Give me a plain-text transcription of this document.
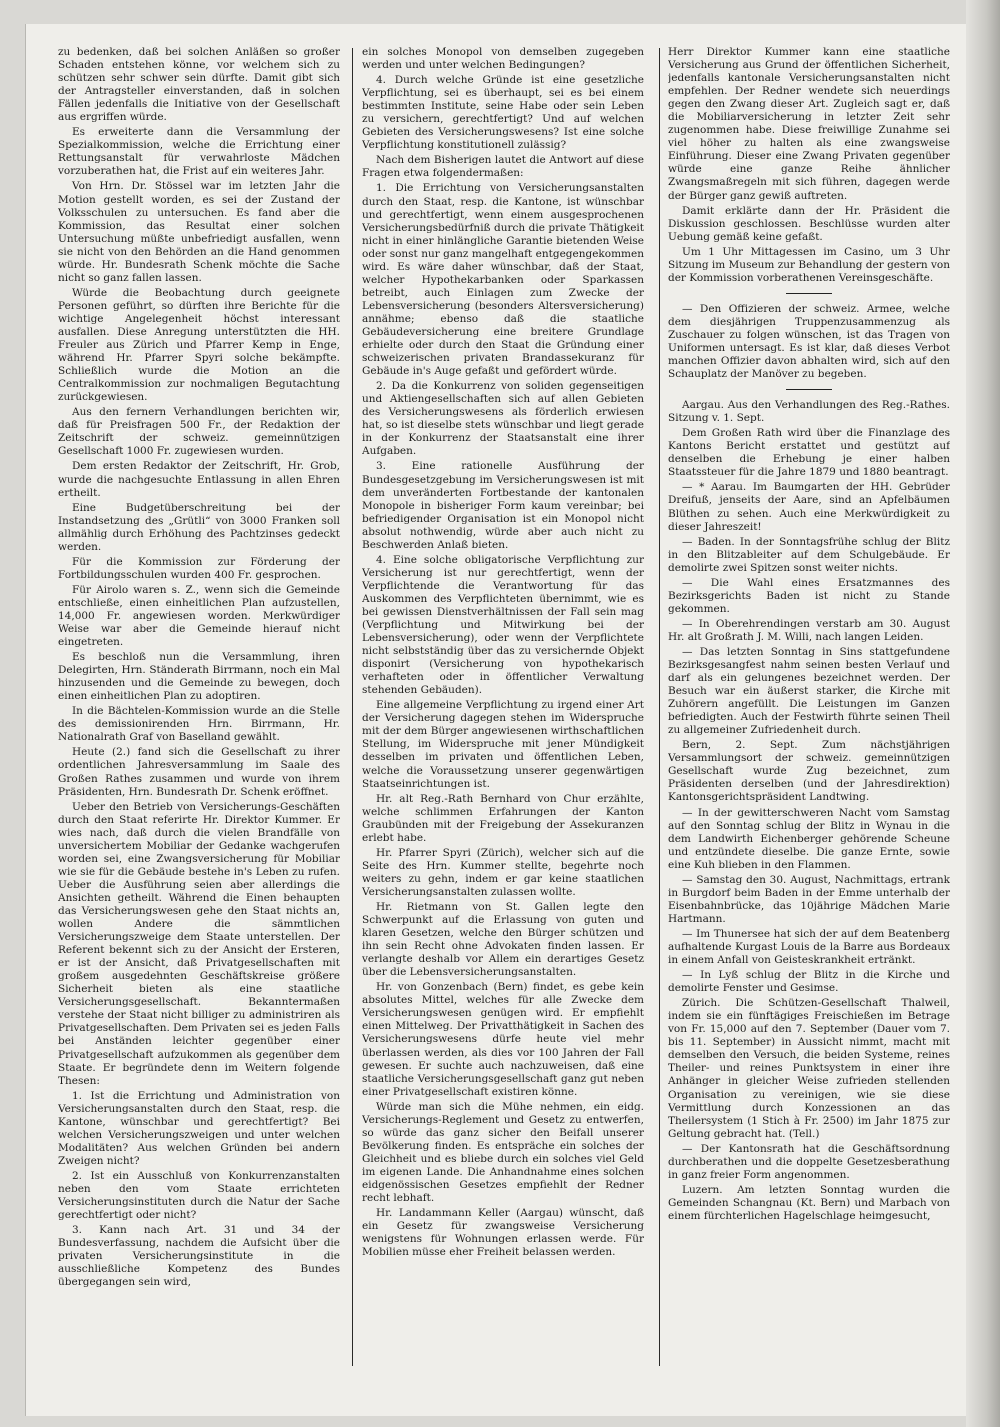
zu bedenken, daß bei solchen Anläßen so großer Schaden entstehen könne, vor welchem sich zu schützen sehr schwer sein dürfte. Damit gibt sich der Antragsteller einverstanden, daß in solchen Fällen jedenfalls die Initiative von der Gesellschaft aus ergriffen würde.

Es erweiterte dann die Versammlung der Spezialkommission, welche die Errichtung einer Rettungsanstalt für verwahrloste Mädchen vorzuberathen hat, die Frist auf ein weiteres Jahr.

Von Hrn. Dr. Stössel war im letzten Jahr die Motion gestellt worden, es sei der Zustand der Volksschulen zu untersuchen. Es fand aber die Kommission, das Resultat einer solchen Untersuchung müßte unbefriedigt ausfallen, wenn sie nicht von den Behörden an die Hand genommen würde. Hr. Bundesrath Schenk möchte die Sache nicht so ganz fallen lassen.

Würde die Beobachtung durch geeignete Personen geführt, so dürften ihre Berichte für die wichtige Angelegenheit höchst interessant ausfallen. Diese Anregung unterstützten die HH. Freuler aus Zürich und Pfarrer Kemp in Enge, während Hr. Pfarrer Spyri solche bekämpfte. Schließlich wurde die Motion an die Centralkommission zur nochmaligen Begutachtung zurückgewiesen.

Aus den fernern Verhandlungen berichten wir, daß für Preisfragen 500 Fr., der Redaktion der Zeitschrift der schweiz. gemeinnützigen Gesellschaft 1000 Fr. zugewiesen wurden.

Dem ersten Redaktor der Zeitschrift, Hr. Grob, wurde die nachgesuchte Entlassung in allen Ehren ertheilt.

Eine Budgetüberschreitung bei der Instandsetzung des „Grütli“ von 3000 Franken soll allmählig durch Erhöhung des Pachtzinses gedeckt werden.

Für die Kommission zur Förderung der Fortbildungsschulen wurden 400 Fr. gesprochen.

Für Airolo waren s. Z., wenn sich die Gemeinde entschließe, einen einheitlichen Plan aufzustellen, 14,000 Fr. angewiesen worden. Merkwürdiger Weise war aber die Gemeinde hierauf nicht eingetreten.

Es beschloß nun die Versammlung, ihren Delegirten, Hrn. Ständerath Birrmann, noch ein Mal hinzusenden und die Gemeinde zu bewegen, doch einen einheitlichen Plan zu adoptiren.

In die Bächtelen-Kommission wurde an die Stelle des demissionirenden Hrn. Birrmann, Hr. Nationalrath Graf von Baselland gewählt.

Heute (2.) fand sich die Gesellschaft zu ihrer ordentlichen Jahresversammlung im Saale des Großen Rathes zusammen und wurde von ihrem Präsidenten, Hrn. Bundesrath Dr. Schenk eröffnet.

Ueber den Betrieb von Versicherungs-Geschäften durch den Staat referirte Hr. Direktor Kummer. Er wies nach, daß durch die vielen Brandfälle von unversichertem Mobiliar der Gedanke wachgerufen worden sei, eine Zwangsversicherung für Mobiliar wie sie für die Gebäude bestehe in's Leben zu rufen. Ueber die Ausführung seien aber allerdings die Ansichten getheilt. Während die Einen behaupten das Versicherungswesen gehe den Staat nichts an, wollen Andere die sämmtlichen Versicherungszweige dem Staate unterstellen. Der Referent bekennt sich zu der Ansicht der Ersteren, er ist der Ansicht, daß Privatgesellschaften mit großem ausgedehnten Geschäftskreise größere Sicherheit bieten als eine staatliche Versicherungsgesellschaft. Bekanntermaßen verstehe der Staat nicht billiger zu administriren als Privatgesellschaften. Dem Privaten sei es jeden Falls bei Anständen leichter gegenüber einer Privatgesellschaft aufzukommen als gegenüber dem Staate. Er begründete denn im Weitern folgende Thesen:

1. Ist die Errichtung und Administration von Versicherungsanstalten durch den Staat, resp. die Kantone, wünschbar und gerechtfertigt? Bei welchen Versicherungszweigen und unter welchen Modalitäten? Aus welchen Gründen bei andern Zweigen nicht?

2. Ist ein Ausschluß von Konkurrenzanstalten neben den vom Staate errichteten Versicherungsinstituten durch die Natur der Sache gerechtfertigt oder nicht?

3. Kann nach Art. 31 und 34 der Bundesverfassung, nachdem die Aufsicht über die privaten Versicherungsinstitute in die ausschließliche Kompetenz des Bundes übergegangen sein wird,

ein solches Monopol von demselben zugegeben werden und unter welchen Bedingungen?

4. Durch welche Gründe ist eine gesetzliche Verpflichtung, sei es überhaupt, sei es bei einem bestimmten Institute, seine Habe oder sein Leben zu versichern, gerechtfertigt? Und auf welchen Gebieten des Versicherungswesens? Ist eine solche Verpflichtung konstitutionell zulässig?

Nach dem Bisherigen lautet die Antwort auf diese Fragen etwa folgendermaßen:

1. Die Errichtung von Versicherungsanstalten durch den Staat, resp. die Kantone, ist wünschbar und gerechtfertigt, wenn einem ausgesprochenen Versicherungsbedürfniß durch die private Thätigkeit nicht in einer hinlängliche Garantie bietenden Weise oder sonst nur ganz mangelhaft entgegengekommen wird. Es wäre daher wünschbar, daß der Staat, welcher Hypothekarbanken oder Sparkassen betreibt, auch Einlagen zum Zwecke der Lebensversicherung (besonders Altersversicherung) annähme; ebenso daß die staatliche Gebäudeversicherung eine breitere Grundlage erhielte oder durch den Staat die Gründung einer schweizerischen privaten Brandassekuranz für Gebäude in's Auge gefaßt und gefördert würde.

2. Da die Konkurrenz von soliden gegenseitigen und Aktiengesellschaften sich auf allen Gebieten des Versicherungswesens als förderlich erwiesen hat, so ist dieselbe stets wünschbar und liegt gerade in der Konkurrenz der Staatsanstalt eine ihrer Aufgaben.

3. Eine rationelle Ausführung der Bundesgesetzgebung im Versicherungswesen ist mit dem unveränderten Fortbestande der kantonalen Monopole in bisheriger Form kaum vereinbar; bei befriedigender Organisation ist ein Monopol nicht absolut nothwendig, würde aber auch nicht zu Beschwerden Anlaß bieten.

4. Eine solche obligatorische Verpflichtung zur Versicherung ist nur gerechtfertigt, wenn der Verpflichtende die Verantwortung für das Auskommen des Verpflichteten übernimmt, wie es bei gewissen Dienstverhältnissen der Fall sein mag (Verpflichtung und Mitwirkung bei der Lebensversicherung), oder wenn der Verpflichtete nicht selbstständig über das zu versichernde Objekt disponirt (Versicherung von hypothekarisch verhafteten oder in öffentlicher Verwaltung stehenden Gebäuden).

Eine allgemeine Verpflichtung zu irgend einer Art der Versicherung dagegen stehen im Widerspruche mit der dem Bürger angewiesenen wirthschaftlichen Stellung, im Widerspruche mit jener Mündigkeit desselben im privaten und öffentlichen Leben, welche die Voraussetzung unserer gegenwärtigen Staatseinrichtungen ist.

Hr. alt Reg.-Rath Bernhard von Chur erzählte, welche schlimmen Erfahrungen der Kanton Graubünden mit der Freigebung der Assekuranzen erlebt habe.

Hr. Pfarrer Spyri (Zürich), welcher sich auf die Seite des Hrn. Kummer stellte, begehrte noch weiters zu gehn, indem er gar keine staatlichen Versicherungsanstalten zulassen wollte.

Hr. Rietmann von St. Gallen legte den Schwerpunkt auf die Erlassung von guten und klaren Gesetzen, welche den Bürger schützen und ihn sein Recht ohne Advokaten finden lassen. Er verlangte deshalb vor Allem ein derartiges Gesetz über die Lebensversicherungsanstalten.

Hr. von Gonzenbach (Bern) findet, es gebe kein absolutes Mittel, welches für alle Zwecke dem Versicherungswesen genügen wird. Er empfiehlt einen Mittelweg. Der Privatthätigkeit in Sachen des Versicherungswesens dürfe heute viel mehr überlassen werden, als dies vor 100 Jahren der Fall gewesen. Er suchte auch nachzuweisen, daß eine staatliche Versicherungsgesellschaft ganz gut neben einer Privatgesellschaft existiren könne.

Würde man sich die Mühe nehmen, ein eidg. Versicherungs-Reglement und Gesetz zu entwerfen, so würde das ganz sicher den Beifall unserer Bevölkerung finden. Es entspräche ein solches der Gleichheit und es bliebe durch ein solches viel Geld im eigenen Lande. Die Anhandnahme eines solchen eidgenössischen Gesetzes empfiehlt der Redner recht lebhaft.

Hr. Landammann Keller (Aargau) wünscht, daß ein Gesetz für zwangsweise Versicherung wenigstens für Wohnungen erlassen werde. Für Mobilien müsse eher Freiheit belassen werden.

Herr Direktor Kummer kann eine staatliche Versicherung aus Grund der öffentlichen Sicherheit, jedenfalls kantonale Versicherungsanstalten nicht empfehlen. Der Redner wendete sich neuerdings gegen den Zwang dieser Art. Zugleich sagt er, daß die Mobiliarversicherung in letzter Zeit sehr zugenommen habe. Diese freiwillige Zunahme sei viel höher zu halten als eine zwangsweise Einführung. Dieser eine Zwang Privaten gegenüber würde eine ganze Reihe ähnlicher Zwangsmaßregeln mit sich führen, dagegen werde der Bürger ganz gewiß auftreten.

Damit erklärte dann der Hr. Präsident die Diskussion geschlossen. Beschlüsse wurden alter Uebung gemäß keine gefaßt.

Um 1 Uhr Mittagessen im Casino, um 3 Uhr Sitzung im Museum zur Behandlung der gestern von der Kommission vorberathenen Vereinsgeschäfte.

— Den Offizieren der schweiz. Armee, welche dem diesjährigen Truppenzusammenzug als Zuschauer zu folgen wünschen, ist das Tragen von Uniformen untersagt. Es ist klar, daß dieses Verbot manchen Offizier davon abhalten wird, sich auf den Schauplatz der Manöver zu begeben.

Aargau. Aus den Verhandlungen des Reg.-Rathes. Sitzung v. 1. Sept.

Dem Großen Rath wird über die Finanzlage des Kantons Bericht erstattet und gestützt auf denselben die Erhebung je einer halben Staatssteuer für die Jahre 1879 und 1880 beantragt.

— * Aarau. Im Baumgarten der HH. Gebrüder Dreifuß, jenseits der Aare, sind an Apfelbäumen Blüthen zu sehen. Auch eine Merkwürdigkeit zu dieser Jahreszeit!

— Baden. In der Sonntagsfrühe schlug der Blitz in den Blitzableiter auf dem Schulgebäude. Er demolirte zwei Spitzen sonst weiter nichts.

— Die Wahl eines Ersatzmannes des Bezirksgerichts Baden ist nicht zu Stande gekommen.

— In Oberehrendingen verstarb am 30. August Hr. alt Großrath J. M. Willi, nach langen Leiden.

— Das letzten Sonntag in Sins stattgefundene Bezirksgesangfest nahm seinen besten Verlauf und darf als ein gelungenes bezeichnet werden. Der Besuch war ein äußerst starker, die Kirche mit Zuhörern angefüllt. Die Leistungen im Ganzen befriedigten. Auch der Festwirth führte seinen Theil zu allgemeiner Zufriedenheit durch.

Bern, 2. Sept. Zum nächstjährigen Versammlungsort der schweiz. gemeinnützigen Gesellschaft wurde Zug bezeichnet, zum Präsidenten derselben (und der Jahresdirektion) Kantonsgerichtspräsident Landtwing.

— In der gewitterschweren Nacht vom Samstag auf den Sonntag schlug der Blitz in Wynau in die dem Landwirth Eichenberger gehörende Scheune und entzündete dieselbe. Die ganze Ernte, sowie eine Kuh blieben in den Flammen.

— Samstag den 30. August, Nachmittags, ertrank in Burgdorf beim Baden in der Emme unterhalb der Eisenbahnbrücke, das 10jährige Mädchen Marie Hartmann.

— Im Thunersee hat sich der auf dem Beatenberg aufhaltende Kurgast Louis de la Barre aus Bordeaux in einem Anfall von Geisteskrankheit ertränkt.

— In Lyß schlug der Blitz in die Kirche und demolirte Fenster und Gesimse.

Zürich. Die Schützen-Gesellschaft Thalweil, indem sie ein fünftägiges Freischießen im Betrage von Fr. 15,000 auf den 7. September (Dauer vom 7. bis 11. September) in Aussicht nimmt, macht mit demselben den Versuch, die beiden Systeme, reines Theiler- und reines Punktsystem in einer ihre Anhänger in gleicher Weise zufrieden stellenden Organisation zu vereinigen, wie sie diese Vermittlung durch Konzessionen an das Theilersystem (1 Stich à Fr. 2500) im Jahr 1875 zur Geltung gebracht hat. (Tell.)

— Der Kantonsrath hat die Geschäftsordnung durchberathen und die doppelte Gesetzesberathung in ganz freier Form angenommen.

Luzern. Am letzten Sonntag wurden die Gemeinden Schangnau (Kt. Bern) und Marbach von einem fürchterlichen Hagelschlage heimgesucht,
